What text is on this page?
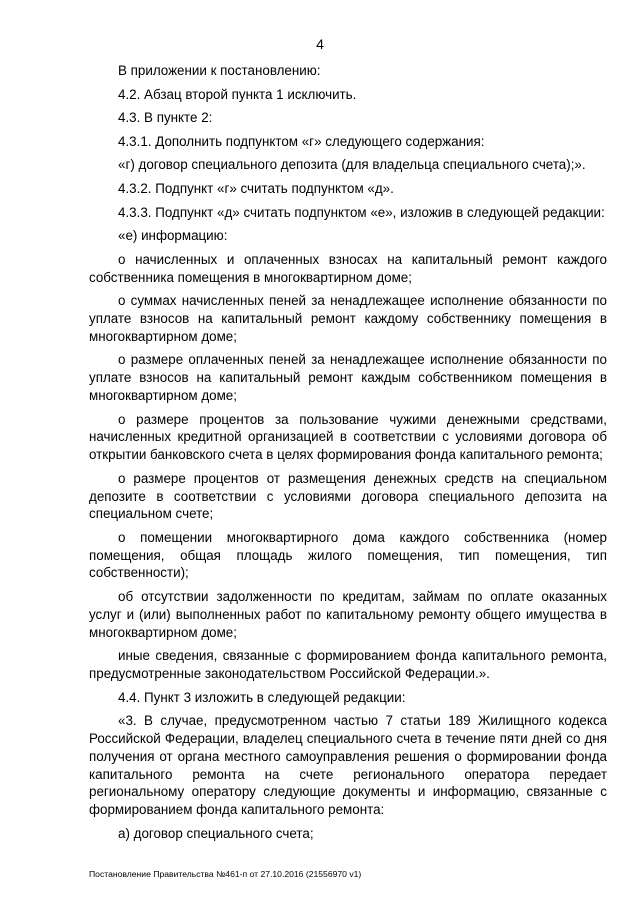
4

В приложении к постановлению:

4.2. Абзац второй пункта 1 исключить.

4.3. В пункте 2:

4.3.1. Дополнить подпунктом «г» следующего содержания:

«г) договор специального депозита (для владельца специального счета);».

4.3.2. Подпункт «г» считать подпунктом «д».

4.3.3. Подпункт «д» считать подпунктом «е», изложив в следующей редакции:

«е) информацию:

о начисленных и оплаченных взносах на капитальный ремонт каждого собственника помещения в многоквартирном доме;

о суммах начисленных пеней за ненадлежащее исполнение обязанности по уплате взносов на капитальный ремонт каждому собственнику помещения в многоквартирном доме;

о размере оплаченных пеней за ненадлежащее исполнение обязанности по уплате взносов на капитальный ремонт каждым собственником помещения в многоквартирном доме;

о размере процентов за пользование чужими денежными средствами, начисленных кредитной организацией в соответствии с условиями договора об открытии банковского счета в целях формирования фонда капитального ремонта;

о размере процентов от размещения денежных средств на специальном депозите в соответствии с условиями договора специального депозита на специальном счете;

о помещении многоквартирного дома каждого собственника (номер помещения, общая площадь жилого помещения, тип помещения, тип собственности);

об отсутствии задолженности по кредитам, займам по оплате оказанных услуг и (или) выполненных работ по капитальному ремонту общего имущества в многоквартирном доме;

иные сведения, связанные с формированием фонда капитального ремонта, предусмотренные законодательством Российской Федерации.».

4.4. Пункт 3 изложить в следующей редакции:

«3. В случае, предусмотренном частью 7 статьи 189 Жилищного кодекса Российской Федерации, владелец специального счета в течение пяти дней со дня получения от органа местного самоуправления решения о формировании фонда капитального ремонта на счете регионального оператора передает региональному оператору следующие документы и информацию, связанные с формированием фонда капитального ремонта:

а) договор специального счета;

Постановление Правительства №461-п от 27.10.2016 (21556970 v1)
